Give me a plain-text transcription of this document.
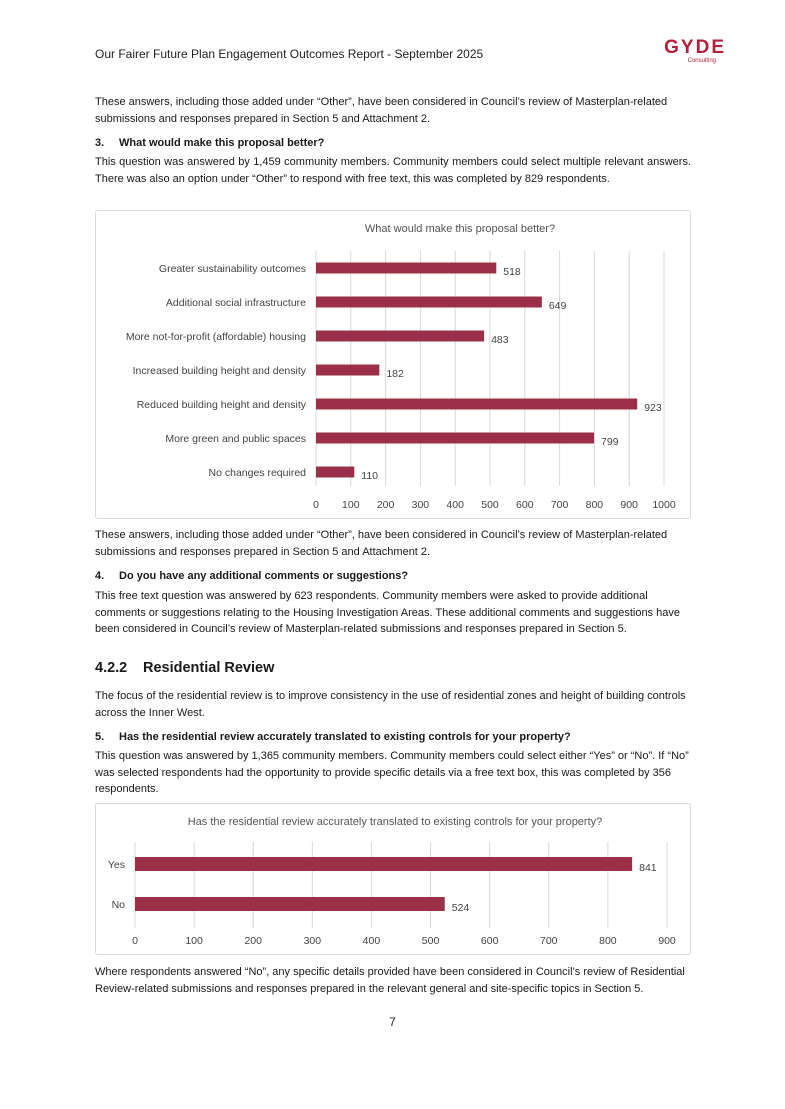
Our Fairer Future Plan Engagement Outcomes Report - September 2025	GYDE
Consulting

These answers, including those added under “Other”, have been considered in Council’s review of Masterplan-related submissions and responses prepared in Section 5 and Attachment 2.

3. What would make this proposal better?

This question was answered by 1,459 community members. Community members could select multiple relevant answers. There was also an option under “Other” to respond with free text, this was completed by 829 respondents.

What would make this proposal better?
0 100 200 300 400 500 600 700 800 900 1000
Greater sustainability outcomes	518
Additional social infrastructure	649
More not-for-profit (affordable) housing	483
Increased building height and density	182
Reduced building height and density	923
More green and public spaces	799
No changes required	110

These answers, including those added under “Other”, have been considered in Council’s review of Masterplan-related submissions and responses prepared in Section 5 and Attachment 2.

4. Do you have any additional comments or suggestions?

This free text question was answered by 623 respondents. Community members were asked to provide additional comments or suggestions relating to the Housing Investigation Areas. These additional comments and suggestions have been considered in Council’s review of Masterplan-related submissions and responses prepared in Section 5.

4.2.2 Residential Review

The focus of the residential review is to improve consistency in the use of residential zones and height of building controls across the Inner West.

5. Has the residential review accurately translated to existing controls for your property?

This question was answered by 1,365 community members. Community members could select either “Yes” or “No”. If “No” was selected respondents had the opportunity to provide specific details via a free text box, this was completed by 356 respondents.

Has the residential review accurately translated to existing controls for your property?
0	100	200	300	400	500	600	700	800	900
Yes	841
No	524

Where respondents answered “No”, any specific details provided have been considered in Council’s review of Residential Review-related submissions and responses prepared in the relevant general and site-specific topics in Section 5.

7
